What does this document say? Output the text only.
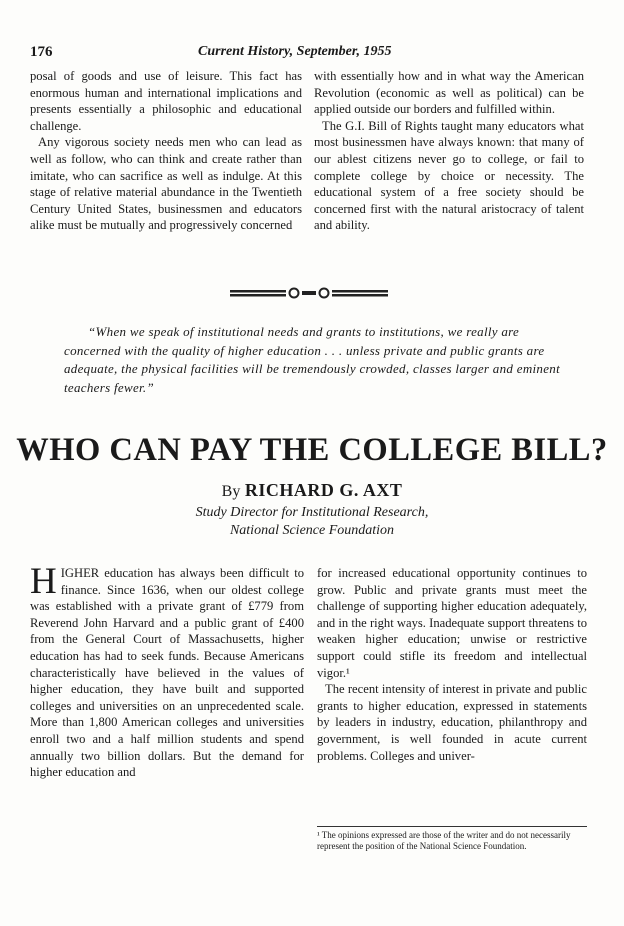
176	Current History, September, 1955

posal of goods and use of leisure. This fact has enormous human and international implications and presents essentially a philosophic and educational challenge.

Any vigorous society needs men who can lead as well as follow, who can think and create rather than imitate, who can sacrifice as well as indulge. At this stage of relative material abundance in the Twentieth Century United States, businessmen and educators alike must be mutually and progressively concerned

with essentially how and in what way the American Revolution (economic as well as political) can be applied outside our borders and fulfilled within.

The G.I. Bill of Rights taught many educators what most businessmen have always known: that many of our ablest citizens never go to college, or fail to complete college by choice or necessity. The educational system of a free society should be concerned first with the natural aristocracy of talent and ability.

“When we speak of institutional needs and grants to institutions, we really are concerned with the quality of higher education . . . unless private and public grants are adequate, the physical facilities will be tremendously crowded, classes larger and eminent teachers fewer.”

WHO CAN PAY THE COLLEGE BILL?
By RICHARD G. AXT
Study Director for Institutional Research,
National Science Foundation

HIGHER education has always been difficult to finance. Since 1636, when our oldest college was established with a private grant of £779 from Reverend John Harvard and a public grant of £400 from the General Court of Massachusetts, higher education has had to seek funds. Because Americans characteristically have believed in the values of higher education, they have built and supported colleges and universities on an unprecedented scale. More than 1,800 American colleges and universities enroll two and a half million students and spend annually two billion dollars. But the demand for higher education and

for increased educational opportunity continues to grow. Public and private grants must meet the challenge of supporting higher education adequately, and in the right ways. Inadequate support threatens to weaken higher education; unwise or restrictive support could stifle its freedom and intellectual vigor.¹

The recent intensity of interest in private and public grants to higher education, expressed in statements by leaders in industry, education, philanthropy and government, is well founded in acute current problems. Colleges and univer-

¹ The opinions expressed are those of the writer and do not necessarily represent the position of the National Science Foundation.
